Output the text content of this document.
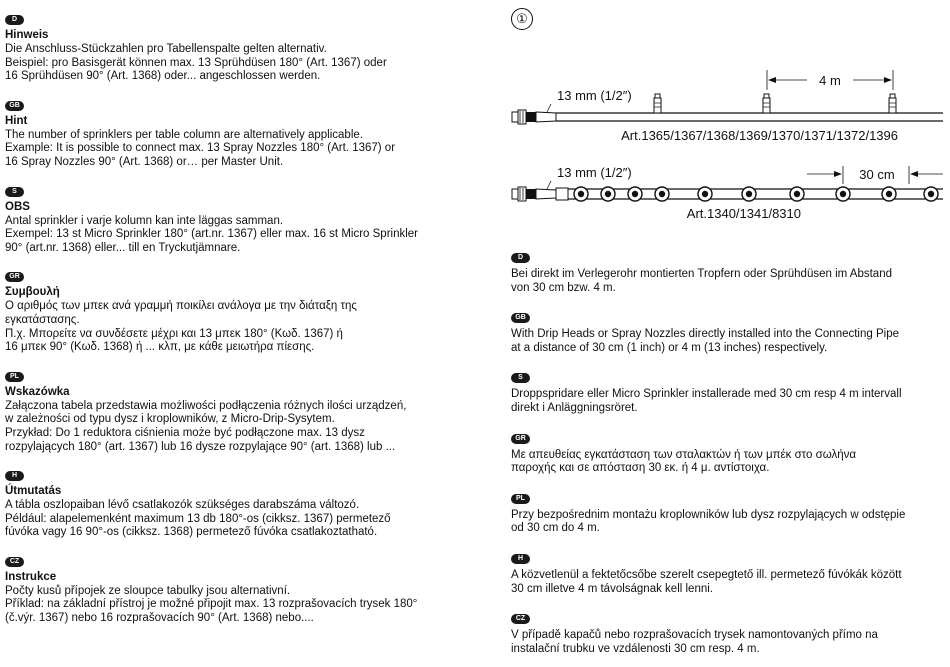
D
Hinweis
Die Anschluss-Stückzahlen pro Tabellenspalte gelten alternativ.
Beispiel: pro Basisgerät können max. 13 Sprühdüsen 180° (Art. 1367) oder
16 Sprühdüsen 90° (Art. 1368) oder... angeschlossen werden.
GB
Hint
The number of sprinklers per table column are alternatively applicable.
Example: It is possible to connect max. 13 Spray Nozzles 180° (Art. 1367) or
16 Spray Nozzles 90° (Art. 1368) or… per Master Unit.
S
OBS
Antal sprinkler i varje kolumn kan inte läggas samman.
Exempel: 13 st Micro Sprinkler 180° (art.nr. 1367) eller max. 16 st Micro Sprinkler
90° (art.nr. 1368) eller... till en Tryckutjämnare.
GR
Συμβουλή
Ο αριθμός των μπεκ ανά γραμμή ποικίλει ανάλογα με την διάταξη της
εγκατάστασης.
Π.χ. Μπορείτε να συνδέσετε μέχρι και 13 μπεκ 180° (Κωδ. 1367) ή
16 μπεκ 90° (Κωδ. 1368) ή ... κλπ, με κάθε μειωτήρα πίεσης.
PL
Wskazówka
Załączona tabela przedstawia możliwości podłączenia różnych ilości urządzeń,
w zależności od typu dysz i kroplowników, z Micro-Drip-Sysytem.
Przykład: Do 1 reduktora ciśnienia może być podłączone max. 13 dysz
rozpylających 180° (art. 1367) lub 16 dysze rozpylające 90° (art. 1368) lub ...
H
Útmutatás
A tábla oszlopaiban lévő csatlakozók szükséges darabszáma változó.
Például: alapelemenként maximum 13 db 180°-os (cikksz. 1367) permetező
fúvóka vagy 16 90°-os (cikksz. 1368) permetező fúvóka csatlakoztatható.
CZ
Instrukce
Počty kusů přípojek ze sloupce tabulky jsou alternativní.
Příklad: na základní přístroj je možné připojit max. 13 rozprašovacích trysek 180°
(č.výr. 1367) nebo 16 rozprašovacích 90° (Art. 1368) nebo....
①
13 mm (1/2″)
4 m
Art.1365/1367/1368/1369/1370/1371/1372/1396
13 mm (1/2″)	30 cm
Art.1340/1341/8310
D
Bei direkt im Verlegerohr montierten Tropfern oder Sprühdüsen im Abstand
von 30 cm bzw. 4 m.
GB
With Drip Heads or Spray Nozzles directly installed into the Connecting Pipe
at a distance of 30 cm (1 inch) or 4 m (13 inches) respectively.
S
Droppspridare eller Micro Sprinkler installerade med 30 cm resp 4 m intervall
direkt i Anläggningsröret.
GR
Με απευθείας εγκατάσταση των σταλακτών ή των μπέκ στο σωλήνα
παροχής και σε απόσταση 30 εκ. ή 4 μ. αντίστοιχα.
PL
Przy bezpośrednim montażu kroplowników lub dysz rozpylających w odstępie
od 30 cm do 4 m.
H
A közvetlenül a fektetőcsőbe szerelt csepegtető ill. permetező fúvókák között
30 cm illetve 4 m távolságnak kell lenni.
CZ
V případě kapačů nebo rozprašovacích trysek namontovaných přímo na
instalační trubku ve vzdálenosti 30 cm resp. 4 m.
